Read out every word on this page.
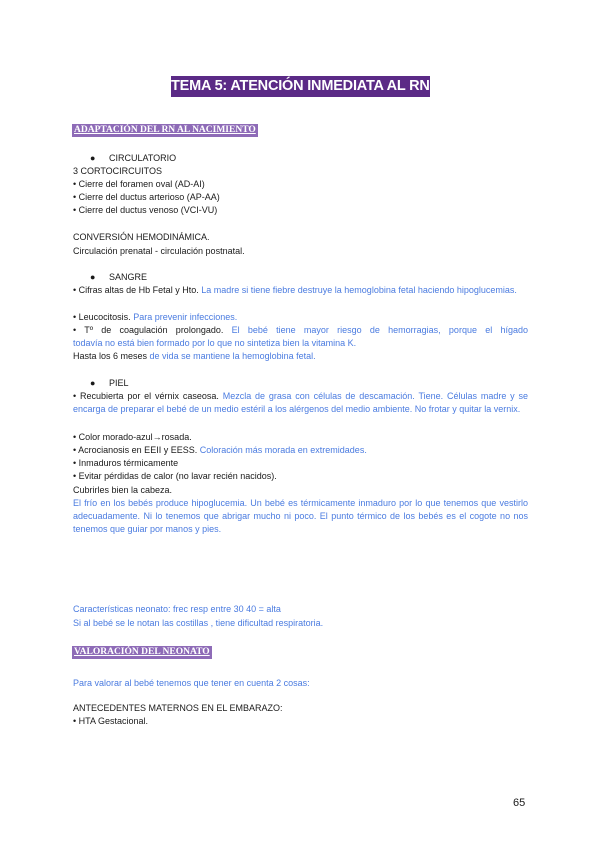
TEMA 5: ATENCIÓN INMEDIATA AL RN SANO
ADAPTACIÓN DEL RN AL NACIMIENTO
● CIRCULATORIO
3 CORTOCIRCUITOS
• Cierre del foramen oval (AD-AI)
• Cierre del ductus arterioso (AP-AA)
• Cierre del ductus venoso (VCI-VU)
CONVERSIÓN HEMODINÁMICA.
Circulación prenatal - circulación postnatal.
● SANGRE
• Cifras altas de Hb Fetal y Hto. La madre si tiene fiebre destruye la hemoglobina fetal haciendo hipoglucemias.
• Leucocitosis. Para prevenir infecciones.
• Tº de coagulación prolongado. El bebé tiene mayor riesgo de hemorragias, porque el hígado
todavía no está bien formado por lo que no sintetiza bien la vitamina K.
Hasta los 6 meses de vida se mantiene la hemoglobina fetal.
● PIEL
• Recubierta por el vérnix caseosa. Mezcla de grasa con células de descamación. Tiene. Células madre y se encarga de preparar el bebé de un medio estéril a los alérgenos del medio ambiente. No frotar y quitar la vernix.
• Color morado-azul→rosada.
• Acrocianosis en EEII y EESS. Coloración más morada en extremidades.
• Inmaduros térmicamente
• Evitar pérdidas de calor (no lavar recién nacidos).
Cubrirles bien la cabeza.
El frío en los bebés produce hipoglucemia. Un bebé es térmicamente inmaduro por lo que tenemos que vestirlo adecuadamente. Ni lo tenemos que abrigar mucho ni poco. El punto térmico de los bebés es el cogote no nos tenemos que guiar por manos y pies.
Características neonato: frec resp entre 30 40 = alta
Si al bebé se le notan las costillas , tiene dificultad respiratoria.
VALORACIÓN DEL NEONATO
Para valorar al bebé tenemos que tener en cuenta 2 cosas:
ANTECEDENTES MATERNOS EN EL EMBARAZO:
• HTA Gestacional.
65
